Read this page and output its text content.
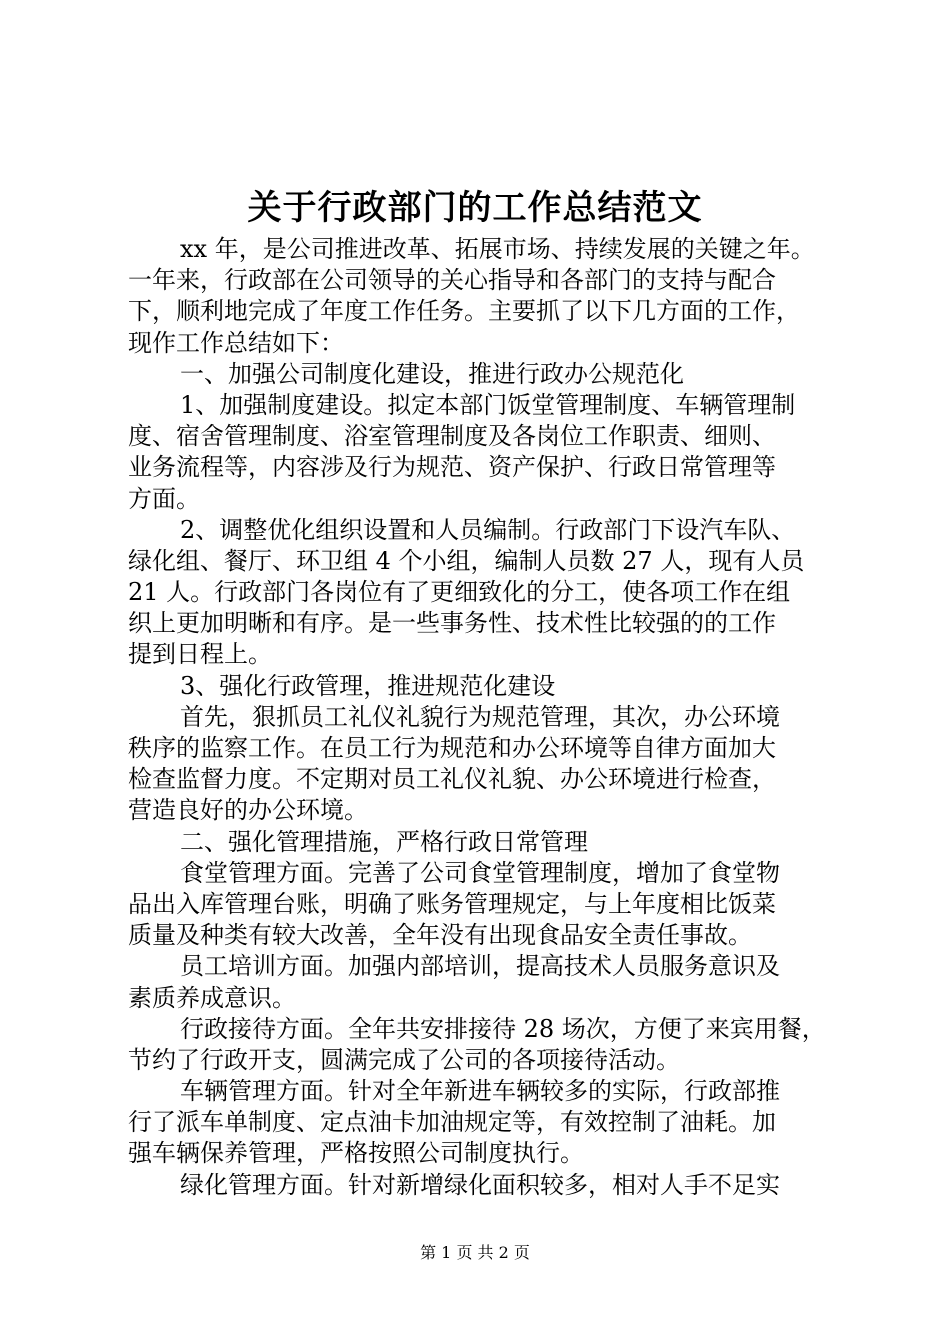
关于行政部门的工作总结范文
xx 年，是公司推进改革、拓展市场、持续发展的关键之年。
一年来，行政部在公司领导的关心指导和各部门的支持与配合
下，顺利地完成了年度工作任务。主要抓了以下几方面的工作，
现作工作总结如下：
一、加强公司制度化建设，推进行政办公规范化
1、加强制度建设。拟定本部门饭堂管理制度、车辆管理制
度、宿舍管理制度、浴室管理制度及各岗位工作职责、细则、
业务流程等，内容涉及行为规范、资产保护、行政日常管理等
方面。
2、调整优化组织设置和人员编制。行政部门下设汽车队、
绿化组、餐厅、环卫组 4 个小组，编制人员数 27 人，现有人员
21 人。行政部门各岗位有了更细致化的分工，使各项工作在组
织上更加明晰和有序。是一些事务性、技术性比较强的的工作
提到日程上。
3、强化行政管理，推进规范化建设
首先，狠抓员工礼仪礼貌行为规范管理，其次，办公环境
秩序的监察工作。在员工行为规范和办公环境等自律方面加大
检查监督力度。不定期对员工礼仪礼貌、办公环境进行检查，
营造良好的办公环境。
二、强化管理措施，严格行政日常管理
食堂管理方面。完善了公司食堂管理制度，增加了食堂物
品出入库管理台账，明确了账务管理规定，与上年度相比饭菜
质量及种类有较大改善，全年没有出现食品安全责任事故。
员工培训方面。加强内部培训，提高技术人员服务意识及
素质养成意识。
行政接待方面。全年共安排接待 28 场次，方便了来宾用餐，
节约了行政开支，圆满完成了公司的各项接待活动。
车辆管理方面。针对全年新进车辆较多的实际，行政部推
行了派车单制度、定点油卡加油规定等，有效控制了油耗。加
强车辆保养管理，严格按照公司制度执行。
绿化管理方面。针对新增绿化面积较多，相对人手不足实
第 1 页 共 2 页
